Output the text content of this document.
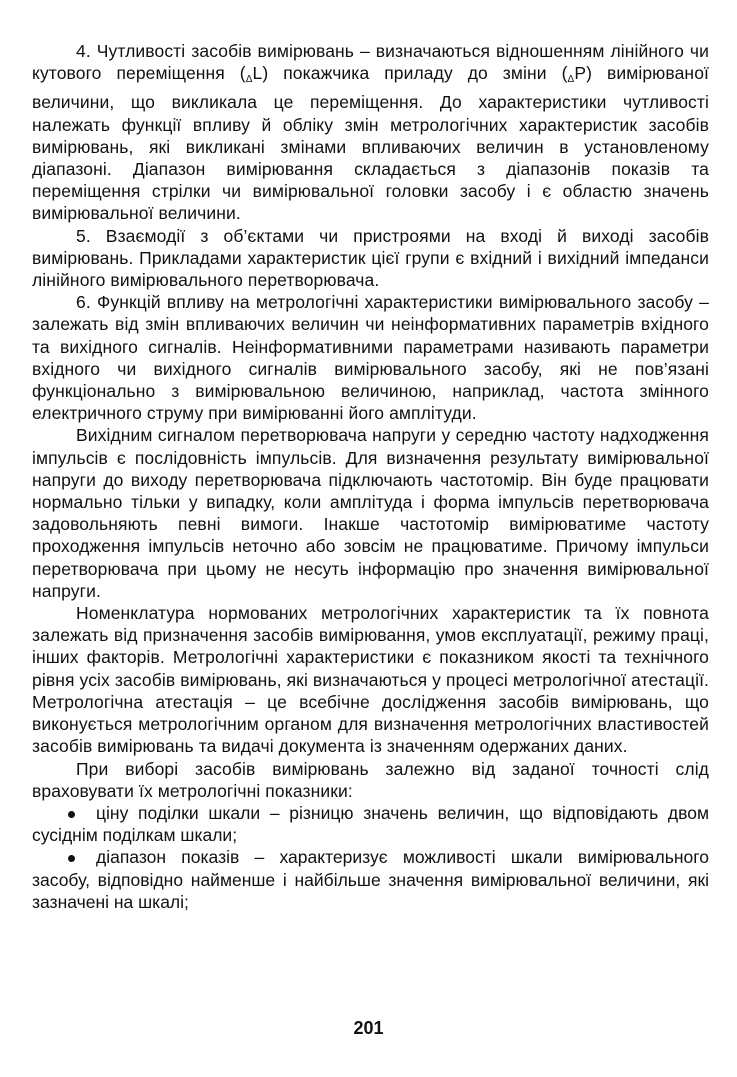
4. Чутливості засобів вимірювань – визначаються відношенням лінійного чи кутового переміщення $(_\Delta L)$ покажчика приладу до зміни $(_\Delta P)$ вимірюваної величини, що викликала це переміщення. До характеристики чутливості належать функції впливу й обліку змін метрологічних характеристик засобів вимірювань, які викликані змінами впливаючих величин в установленому діапазоні. Діапазон вимірювання складається з діапазонів показів та переміщення стрілки чи вимірювальної головки засобу і є областю значень вимірювальної величини.

5. Взаємодії з об’єктами чи пристроями на вході й виході засобів вимірювань. Прикладами характеристик цієї групи є вхідний і вихідний імпеданси лінійного вимірювального перетворювача.

6. Функцій впливу на метрологічні характеристики вимірювального засобу – залежать від змін впливаючих величин чи неінформативних параметрів вхідного та вихідного сигналів. Неінформативними параметрами називають параметри вхідного чи вихідного сигналів вимірювального засобу, які не пов’язані функціонально з вимірювальною величиною, наприклад, частота змінного електричного струму при вимірюванні його амплітуди.

Вихідним сигналом перетворювача напруги у середню частоту надходження імпульсів є послідовність імпульсів. Для визначення результату вимірювальної напруги до виходу перетворювача підключають частотомір. Він буде працювати нормально тільки у випадку, коли амплітуда і форма імпульсів перетворювача задовольняють певні вимоги. Інакше частотомір вимірюватиме частоту проходження імпульсів неточно або зовсім не працюватиме. Причому імпульси перетворювача при цьому не несуть інформацію про значення вимірювальної напруги.

Номенклатура нормованих метрологічних характеристик та їх повнота залежать від призначення засобів вимірювання, умов експлуатації, режиму праці, інших факторів. Метрологічні характеристики є показником якості та технічного рівня усіх засобів вимірювань, які визначаються у процесі метрологічної атестації. Метрологічна атестація – це всебічне дослідження засобів вимірювань, що виконується метрологічним органом для визначення метрологічних властивостей засобів вимірювань та видачі документа із значенням одержаних даних.

При виборі засобів вимірювань залежно від заданої точності слід враховувати їх метрологічні показники:

ціну поділки шкали – різницю значень величин, що відповідають двом сусіднім поділкам шкали;

діапазон показів – характеризує можливості шкали вимірювального засобу, відповідно найменше і найбільше значення вимірювальної величини, які зазначені на шкалі;

201
